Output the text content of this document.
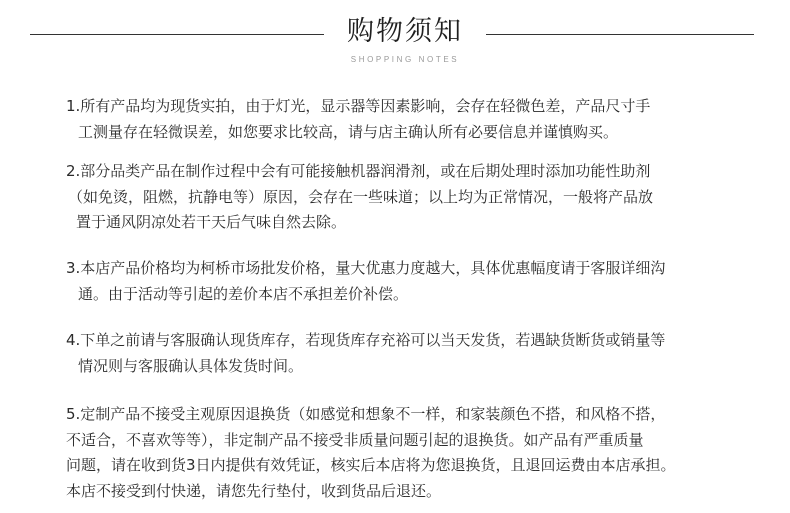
购物须知
SHOPPING NOTES
1.所有产品均为现货实拍，由于灯光，显示器等因素影响，会存在轻微色差，产品尺寸手
工测量存在轻微误差，如您要求比较高，请与店主确认所有必要信息并谨慎购买。
2.部分品类产品在制作过程中会有可能接触机器润滑剂，或在后期处理时添加功能性助剂
（如免烫，阻燃，抗静电等）原因，会存在一些味道；以上均为正常情况，一般将产品放
置于通风阴凉处若干天后气味自然去除。
3.本店产品价格均为柯桥市场批发价格，量大优惠力度越大，具体优惠幅度请于客服详细沟
通。由于活动等引起的差价本店不承担差价补偿。
4.下单之前请与客服确认现货库存，若现货库存充裕可以当天发货，若遇缺货断货或销量等
情况则与客服确认具体发货时间。
5.定制产品不接受主观原因退换货（如感觉和想象不一样，和家装颜色不搭，和风格不搭，
不适合，不喜欢等等），非定制产品不接受非质量问题引起的退换货。如产品有严重质量
问题，请在收到货3日内提供有效凭证，核实后本店将为您退换货，且退回运费由本店承担。
本店不接受到付快递，请您先行垫付，收到货品后退还。
